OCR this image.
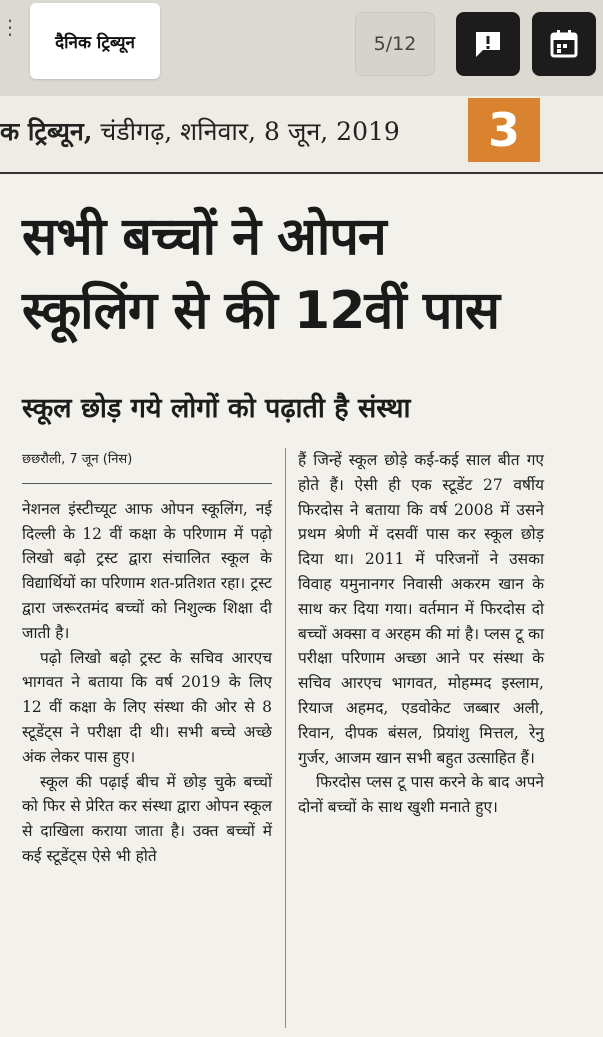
⋮
दैनिक ट्रिब्यून	5/12
क ट्रिब्यून, चंडीगढ़, शनिवार, 8 जून, 2019	3
सभी बच्चों ने ओपन
स्कूलिंग से की 12वीं पास
स्कूल छोड़ गये लोगों को पढ़ाती है संस्था

छछरौली, 7 जून (निस)

नेशनल इंस्टीच्यूट आफ ओपन स्कूलिंग, नई दिल्ली के 12 वीं कक्षा के परिणाम में पढ़ो लिखो बढ़ो ट्रस्ट द्वारा संचालित स्कूल के विद्यार्थियों का परिणाम शत-प्रतिशत रहा। ट्रस्ट द्वारा जरूरतमंद बच्चों को निशुल्क शिक्षा दी जाती है।

पढ़ो लिखो बढ़ो ट्रस्ट के सचिव आरएच भागवत ने बताया कि वर्ष 2019 के लिए 12 वीं कक्षा के लिए संस्था की ओर से 8 स्टूडेंट्स ने परीक्षा दी थी। सभी बच्चे अच्छे अंक लेकर पास हुए।

स्कूल की पढ़ाई बीच में छोड़ चुके बच्चों को फिर से प्रेरित कर संस्था द्वारा ओपन स्कूल से दाखिला कराया जाता है। उक्त बच्चों में कई स्टूडेंट्स ऐसे भी होते

हैं जिन्हें स्कूल छोड़े कई-कई साल बीत गए होते हैं। ऐसी ही एक स्टूडेंट 27 वर्षीय फिरदोस ने बताया कि वर्ष 2008 में उसने प्रथम श्रेणी में दसवीं पास कर स्कूल छोड़ दिया था। 2011 में परिजनों ने उसका विवाह यमुनानगर निवासी अकरम खान के साथ कर दिया गया। वर्तमान में फिरदोस दो बच्चों अक्सा व अरहम की मां है। प्लस टू का परीक्षा परिणाम अच्छा आने पर संस्था के सचिव आरएच भागवत, मोहम्मद इस्लाम, रियाज अहमद, एडवोकेट जब्बार अली, रिवान, दीपक बंसल, प्रियांशु मित्तल, रेनु गुर्जर, आजम खान सभी बहुत उत्साहित हैं।

फिरदोस प्लस टू पास करने के बाद अपने दोनों बच्चों के साथ खुशी मनाते हुए।
